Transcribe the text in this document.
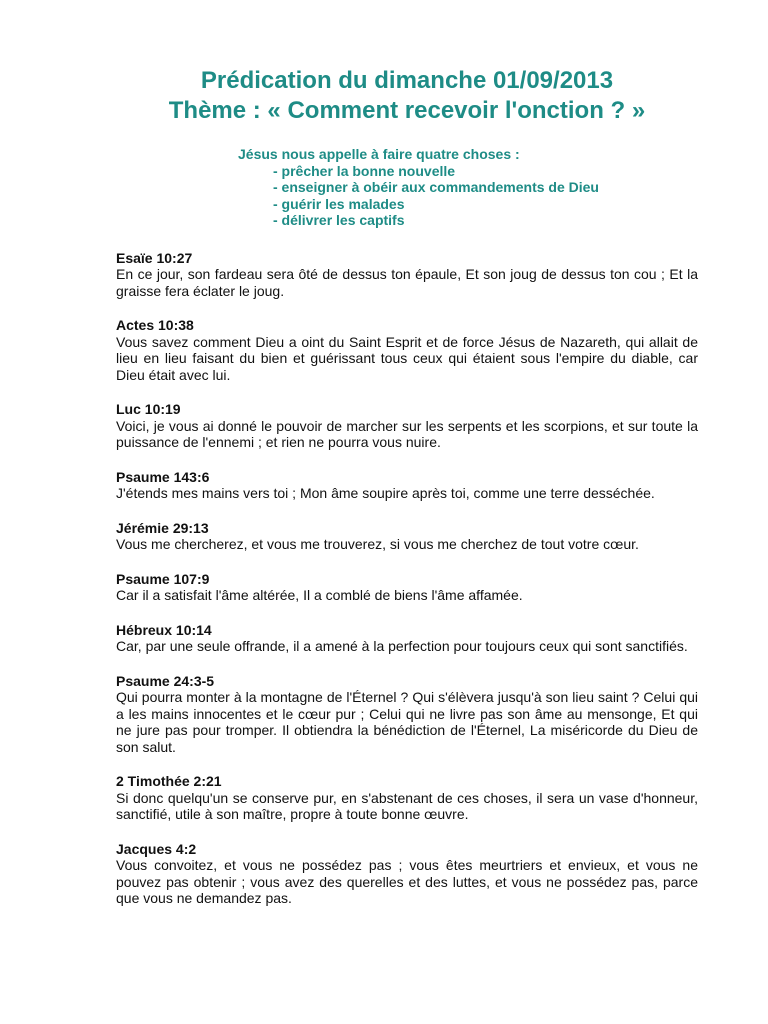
Prédication du dimanche 01/09/2013
Thème : « Comment recevoir l'onction ? »
Jésus nous appelle à faire quatre choses :
- prêcher la bonne nouvelle
- enseigner à obéir aux commandements de Dieu
- guérir les malades
- délivrer les captifs
Esaïe 10:27
En ce jour, son fardeau sera ôté de dessus ton épaule, Et son joug de dessus ton cou ; Et la graisse fera éclater le joug.
Actes 10:38
Vous savez comment Dieu a oint du Saint Esprit et de force Jésus de Nazareth, qui allait de lieu en lieu faisant du bien et guérissant tous ceux qui étaient sous l'empire du diable, car Dieu était avec lui.
Luc 10:19
Voici, je vous ai donné le pouvoir de marcher sur les serpents et les scorpions, et sur toute la puissance de l'ennemi ; et rien ne pourra vous nuire.
Psaume 143:6
J'étends mes mains vers toi ; Mon âme soupire après toi, comme une terre desséchée.
Jérémie 29:13
Vous me chercherez, et vous me trouverez, si vous me cherchez de tout votre cœur.
Psaume 107:9
Car il a satisfait l'âme altérée, Il a comblé de biens l'âme affamée.
Hébreux 10:14
Car, par une seule offrande, il a amené à la perfection pour toujours ceux qui sont sanctifiés.
Psaume 24:3-5
Qui pourra monter à la montagne de l'Éternel ? Qui s'élèvera jusqu'à son lieu saint ? Celui qui a les mains innocentes et le cœur pur ; Celui qui ne livre pas son âme au mensonge, Et qui ne jure pas pour tromper. Il obtiendra la bénédiction de l'Éternel, La miséricorde du Dieu de son salut.
2 Timothée 2:21
Si donc quelqu'un se conserve pur, en s'abstenant de ces choses, il sera un vase d'honneur, sanctifié, utile à son maître, propre à toute bonne œuvre.
Jacques 4:2
Vous convoitez, et vous ne possédez pas ; vous êtes meurtriers et envieux, et vous ne pouvez pas obtenir ; vous avez des querelles et des luttes, et vous ne possédez pas, parce que vous ne demandez pas.
